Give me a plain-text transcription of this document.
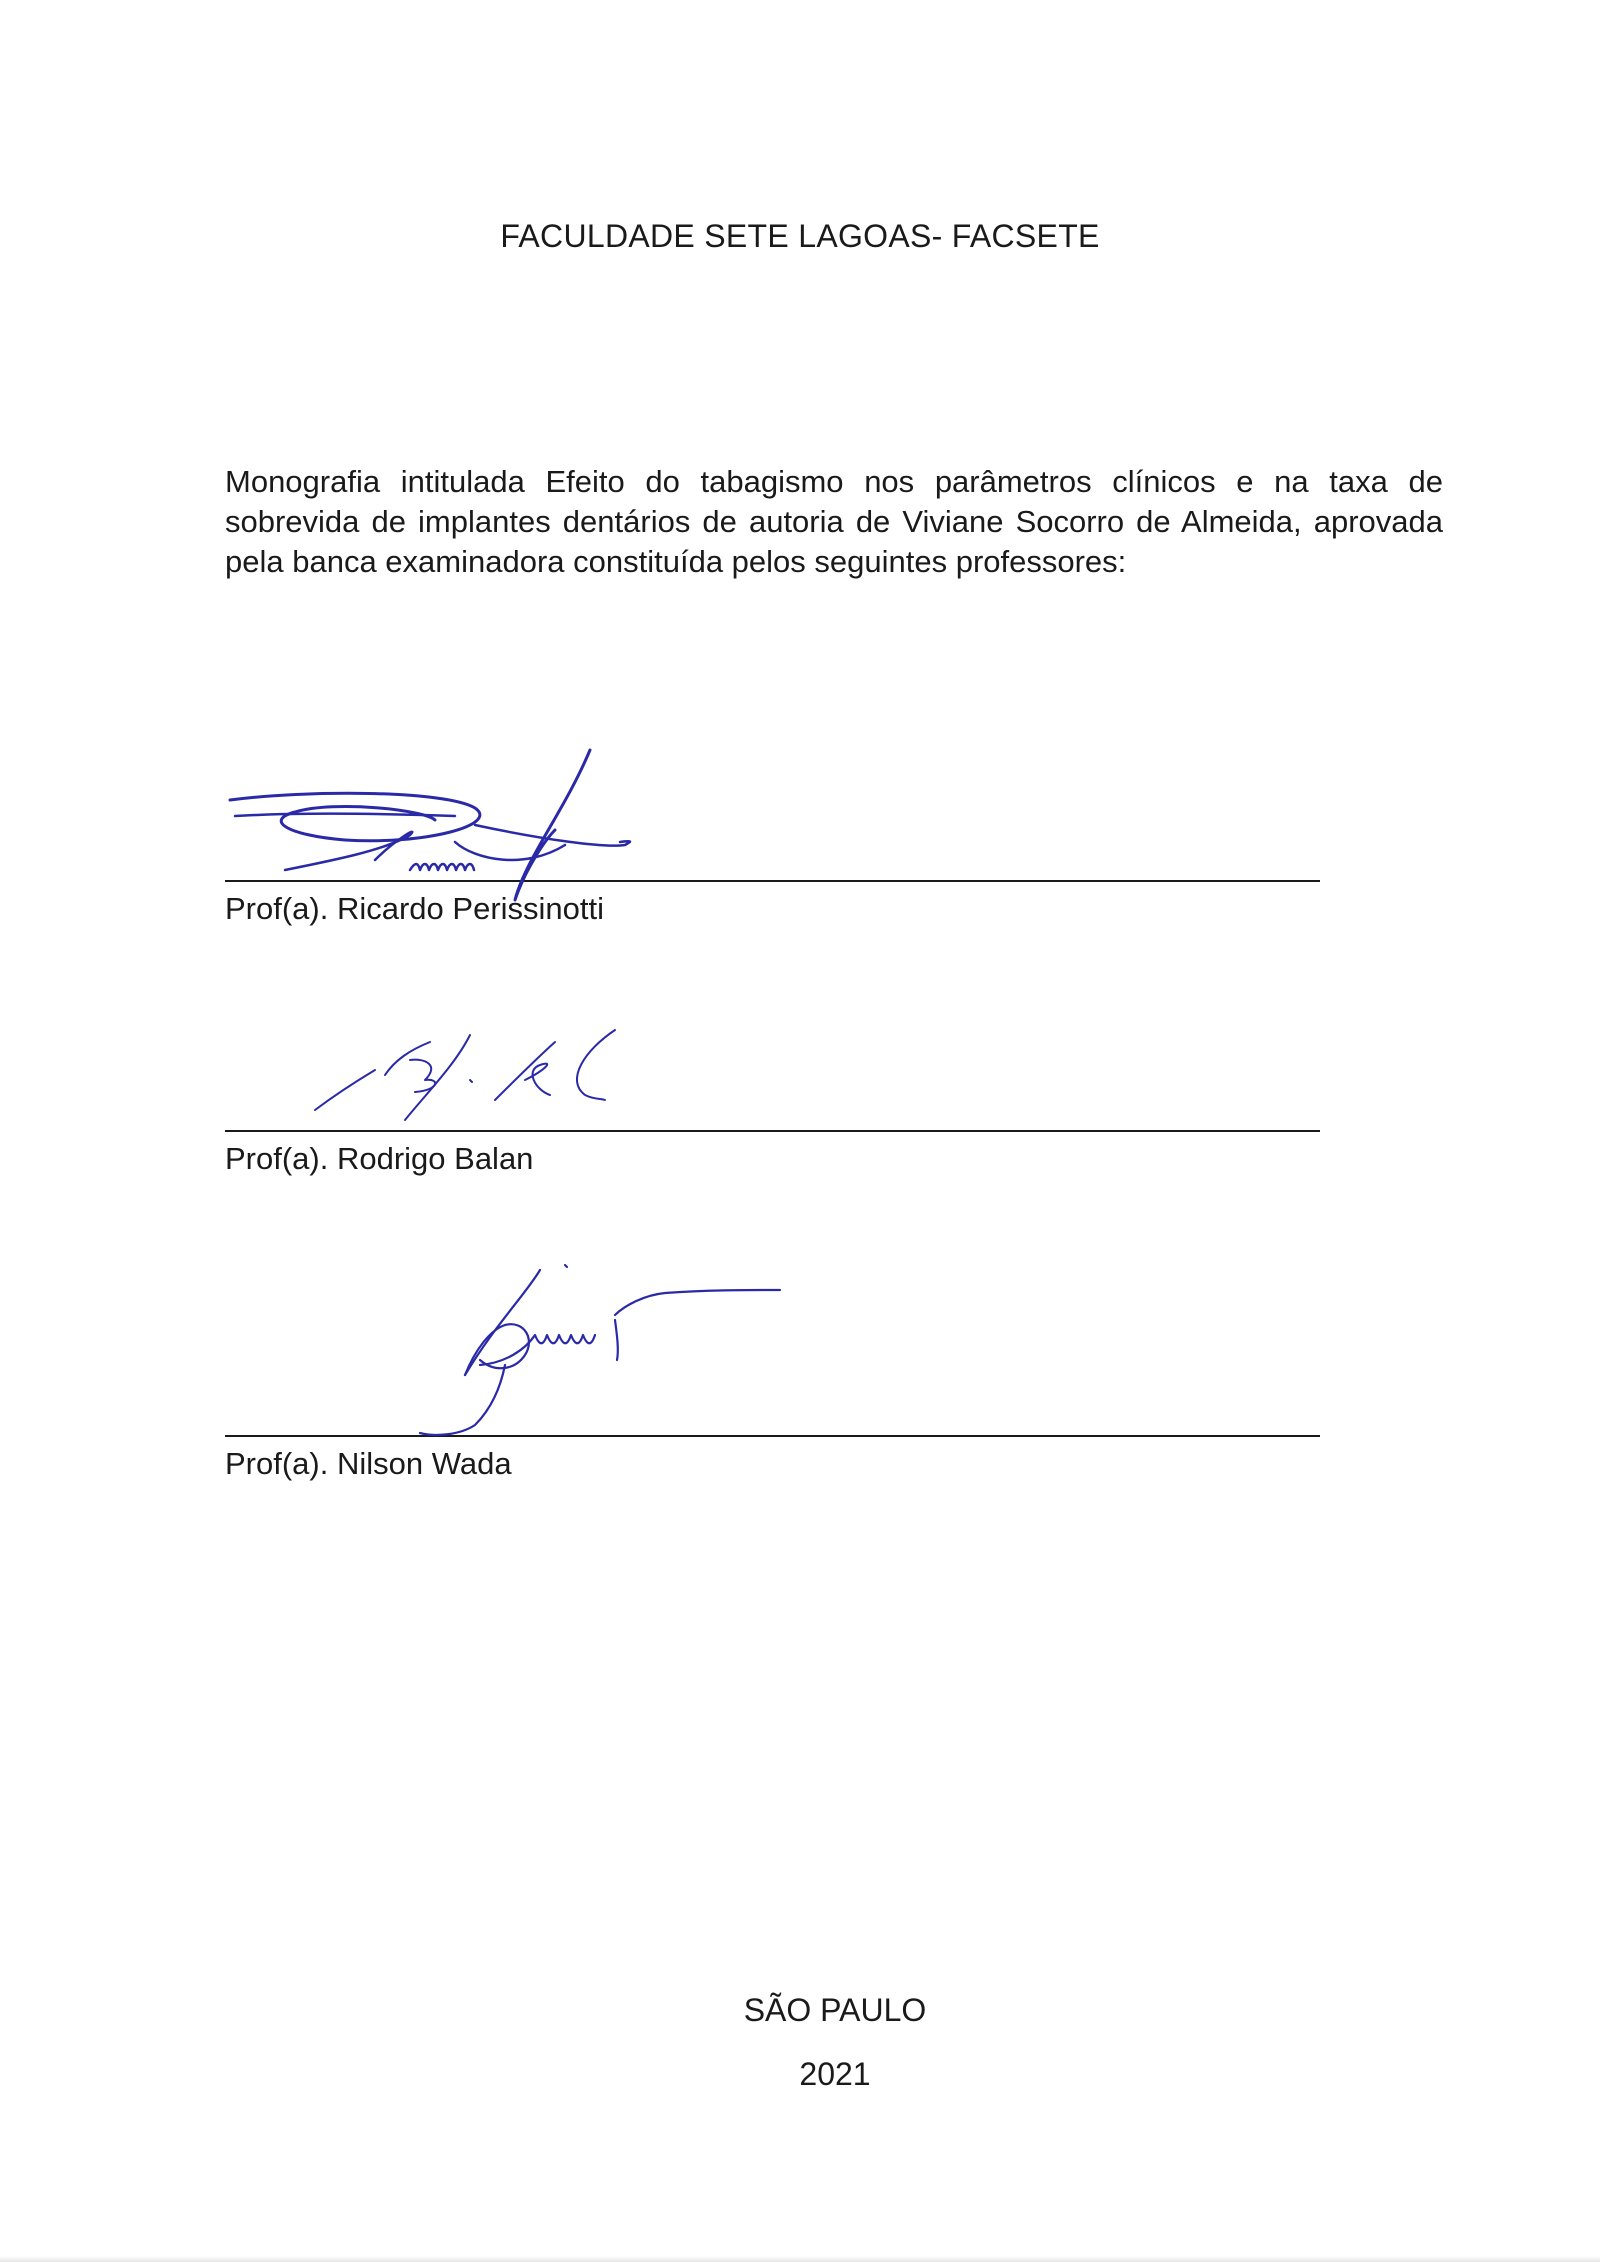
FACULDADE SETE LAGOAS- FACSETE
Monografia intitulada Efeito do tabagismo nos parâmetros clínicos e na taxa de sobrevida de implantes dentários de autoria de Viviane Socorro de Almeida, aprovada pela banca examinadora constituída pelos seguintes professores:
Prof(a). Ricardo Perissinotti
Prof(a). Rodrigo Balan
Prof(a). Nilson Wada
SÃO PAULO
2021
